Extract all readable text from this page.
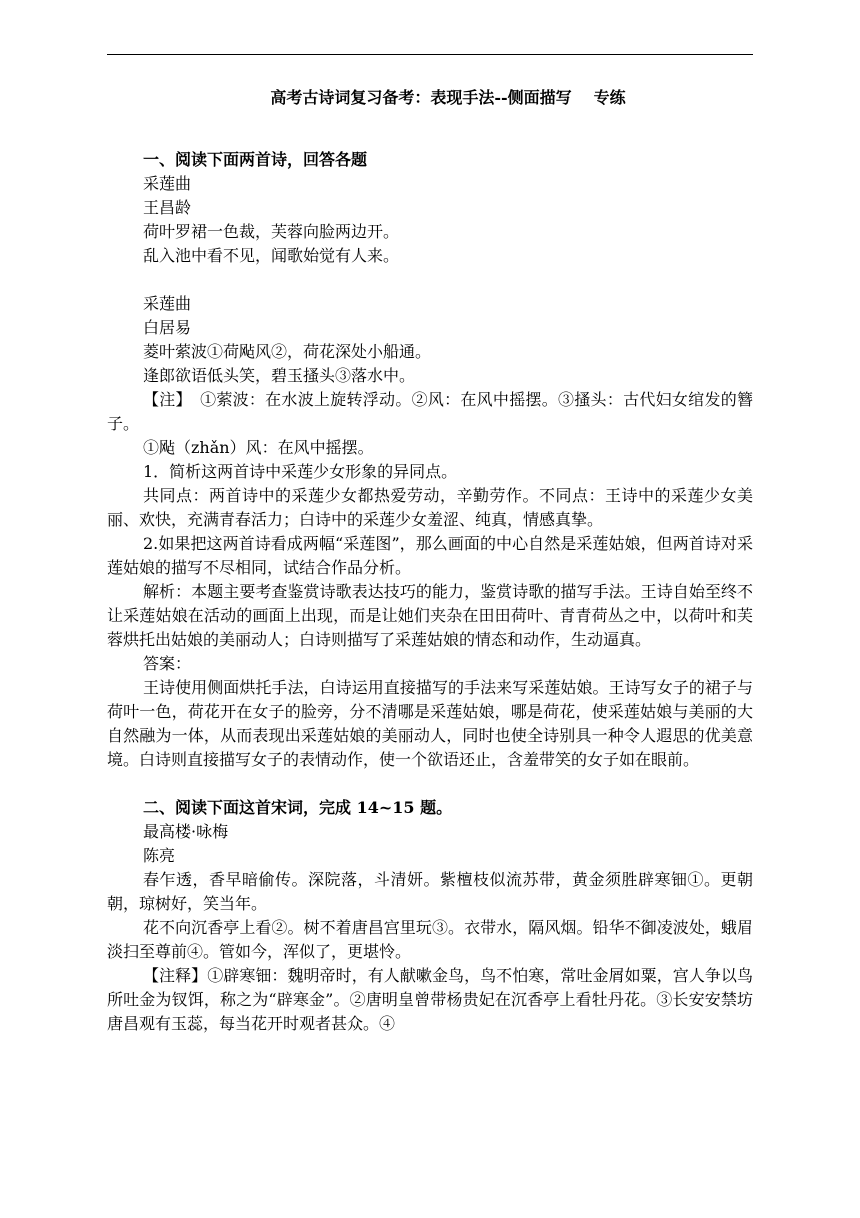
高考古诗词复习备考：表现手法--侧面描写 专练

一、阅读下面两首诗，回答各题

采莲曲

王昌龄

荷叶罗裙一色裁，芙蓉向脸两边开。

乱入池中看不见，闻歌始觉有人来。

采莲曲

白居易

菱叶萦波①荷飐风②，荷花深处小船通。

逢郎欲语低头笑，碧玉搔头③落水中。

【注】　①萦波：在水波上旋转浮动。②风：在风中摇摆。③搔头：古代妇女绾发的簪子。

①飐（zhǎn）风：在风中摇摆。

1．简析这两首诗中采莲少女形象的异同点。

共同点：两首诗中的采莲少女都热爱劳动，辛勤劳作。不同点：王诗中的采莲少女美丽、欢快，充满青春活力；白诗中的采莲少女羞涩、纯真，情感真挚。

2.如果把这两首诗看成两幅“采莲图”，那么画面的中心自然是采莲姑娘，但两首诗对采莲姑娘的描写不尽相同，试结合作品分析。

解析：本题主要考查鉴赏诗歌表达技巧的能力，鉴赏诗歌的描写手法。王诗自始至终不让采莲姑娘在活动的画面上出现，而是让她们夹杂在田田荷叶、青青荷丛之中，以荷叶和芙蓉烘托出姑娘的美丽动人；白诗则描写了采莲姑娘的情态和动作，生动逼真。

答案：

王诗使用侧面烘托手法，白诗运用直接描写的手法来写采莲姑娘。王诗写女子的裙子与荷叶一色，荷花开在女子的脸旁，分不清哪是采莲姑娘，哪是荷花，使采莲姑娘与美丽的大自然融为一体，从而表现出采莲姑娘的美丽动人，同时也使全诗别具一种令人遐思的优美意境。白诗则直接描写女子的表情动作，使一个欲语还止，含羞带笑的女子如在眼前。

二、阅读下面这首宋词，完成 14~15 题。

最高楼·咏梅

陈亮

春乍透，香早暗偷传。深院落，斗清妍。紫檀枝似流苏带，黄金须胜辟寒钿①。更朝朝，琼树好，笑当年。

花不向沉香亭上看②。树不着唐昌宫里玩③。衣带水，隔风烟。铅华不御凌波处，蛾眉淡扫至尊前④。管如今，浑似了，更堪怜。

【注释】①辟寒钿：魏明帝时，有人献嗽金鸟，鸟不怕寒，常吐金屑如粟，宫人争以鸟所吐金为钗饵，称之为“辟寒金”。②唐明皇曾带杨贵妃在沉香亭上看牡丹花。③长安安禁坊唐昌观有玉蕊，每当花开时观者甚众。④
